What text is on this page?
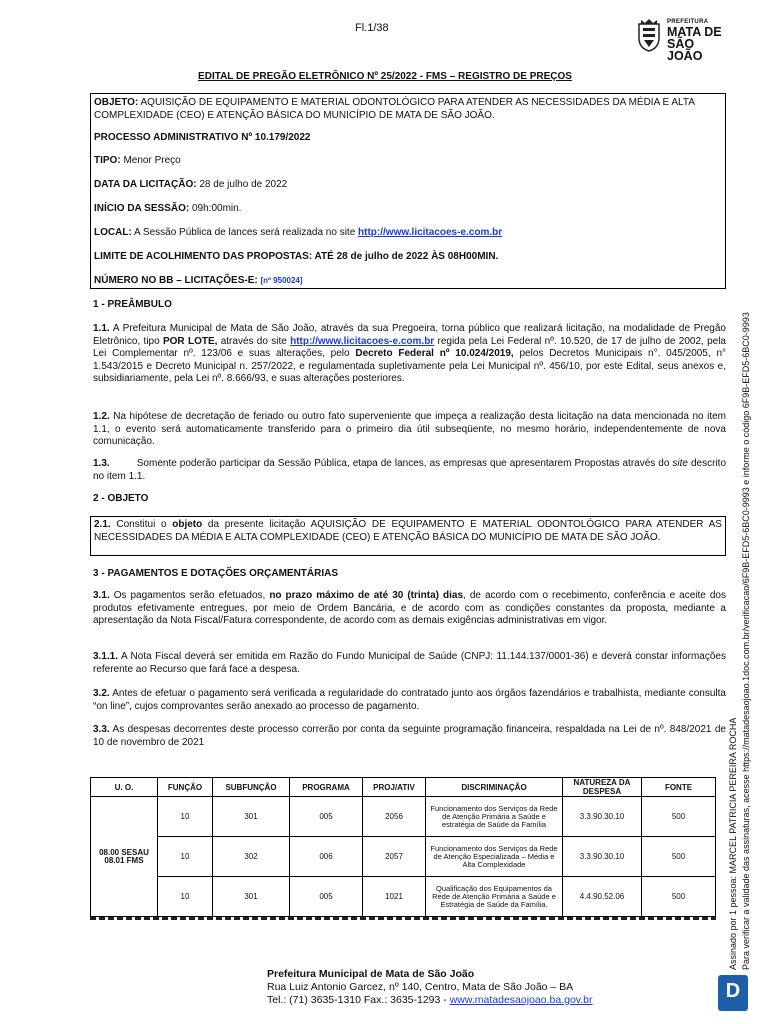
Fl.1/38	PREFEITURA
MATA DE
SÃO JOÃO
EDITAL DE PREGÃO ELETRÔNICO Nº 25/2022 - FMS – REGISTRO DE PREÇOS

OBJETO: AQUISIÇÃO DE EQUIPAMENTO E MATERIAL ODONTOLÓGICO PARA ATENDER AS NECESSIDADES DA MÉDIA E ALTA COMPLEXIDADE (CEO) E ATENÇÃO BÁSICA DO MUNICÍPIO DE MATA DE SÃO JOÃO.

PROCESSO ADMINISTRATIVO Nº 10.179/2022

TIPO: Menor Preço

DATA DA LICITAÇÃO: 28 de julho de 2022

INÍCIO DA SESSÃO: 09h:00min.

LOCAL: A Sessão Pública de lances será realizada no site http://www.licitacoes-e.com.br

LIMITE DE ACOLHIMENTO DAS PROPOSTAS: ATÉ 28 de julho de 2022 ÀS 08H00MIN.

NÚMERO NO BB – LICITAÇÕES-E: [nº 950024]

1 - PREÂMBULO

1.1. A Prefeitura Municipal de Mata de São João, através da sua Pregoeira, torna público que realizará licitação, na modalidade de Pregão Eletrônico, tipo POR LOTE, através do site http://www.licitacoes-e.com.br regida pela Lei Federal nº. 10.520, de 17 de julho de 2002, pela Lei Complementar nº. 123/06 e suas alterações, pelo Decreto Federal nº 10.024/2019, pelos Decretos Municipais n°. 045/2005, n° 1.543/2015 e Decreto Municipal n. 257/2022, e regulamentada supletivamente pela Lei Municipal nº. 456/10, por este Edital, seus anexos e, subsidiariamente, pela Lei nº. 8.666/93, e suas alterações posteriores.

1.2. Na hipótese de decretação de feriado ou outro fato superveniente que impeça a realização desta licitação na data mencionada no item 1.1, o evento será automaticamente transferido para o primeiro dia útil subseqüente, no mesmo horário, independentemente de nova comunicação.

1.3.	Somente poderão participar da Sessão Pública, etapa de lances, as empresas que apresentarem Propostas através do site descrito no item 1.1.

2 - OBJETO

2.1. Constitui o objeto da presente licitação AQUISIÇÃO DE EQUIPAMENTO E MATERIAL ODONTOLÓGICO PARA ATENDER AS NECESSIDADES DA MÉDIA E ALTA COMPLEXIDADE (CEO) E ATENÇÃO BÁSICA DO MUNICÍPIO DE MATA DE SÃO JOÃO.

3 - PAGAMENTOS E DOTAÇÕES ORÇAMENTÁRIAS

3.1. Os pagamentos serão efetuados, no prazo máximo de até 30 (trinta) dias, de acordo com o recebimento, conferência e aceite dos produtos efetivamente entregues, por meio de Ordem Bancária, e de acordo com as condições constantes da proposta, mediante a apresentação da Nota Fiscal/Fatura correspondente, de acordo com as demais exigências administrativas em vigor.

3.1.1. A Nota Fiscal deverá ser emitida em Razão do Fundo Municipal de Saúde (CNPJ: 11.144.137/0001-36) e deverá constar informações referente ao Recurso que fará face a despesa.

3.2. Antes de efetuar o pagamento será verificada a regularidade do contratado junto aos órgãos fazendários e trabalhista, mediante consulta “on line”, cujos comprovantes serão anexado ao processo de pagamento.

3.3. As despesas decorrentes deste processo correrão por conta da seguinte programação financeira, respaldada na Lei de nº. 848/2021 de 10 de novembro de 2021

U. O.	FUNÇÃO	SUBFUNÇÃO	PROGRAMA	PROJ/ATIV	DISCRIMINAÇÃO	NATUREZA DA DESPESA	FONTE
08.00 SESAU 08.01 FMS	10	301	005	2056	Funcionamento dos Serviços da Rede de Atenção Primária a Saúde e estratégia de Saúde da Família	3.3.90.30.10	500
	10	302	006	2057	Funcionamento dos Serviços da Rede de Atenção Especializada – Média e Alta Complexidade	3.3.90.30.10	500
	10	301	005	1021	Qualificação dos Equipamentos da Rede de Atenção Primária a Saúde e Estratégia de Saúde da Família.	4.4.90.52.06	500
Prefeitura Municipal de Mata de São João
Rua Luiz Antonio Garcez, nº 140, Centro, Mata de São João – BA
Tel.: (71) 3635-1310 Fax.: 3635-1293 - www.matadesaojoao.ba.gov.br
Assinado por 1 pessoa: MARCEL PATRICIA PEREIRA ROCHA Para verificar a validade das assinaturas, acesse https://matadesaojoao.1doc.com.br/verificacao/6F9B-EFD5-6BC0-9993 e informe o código 6F9B-EFD5-6BC0-9993
D
